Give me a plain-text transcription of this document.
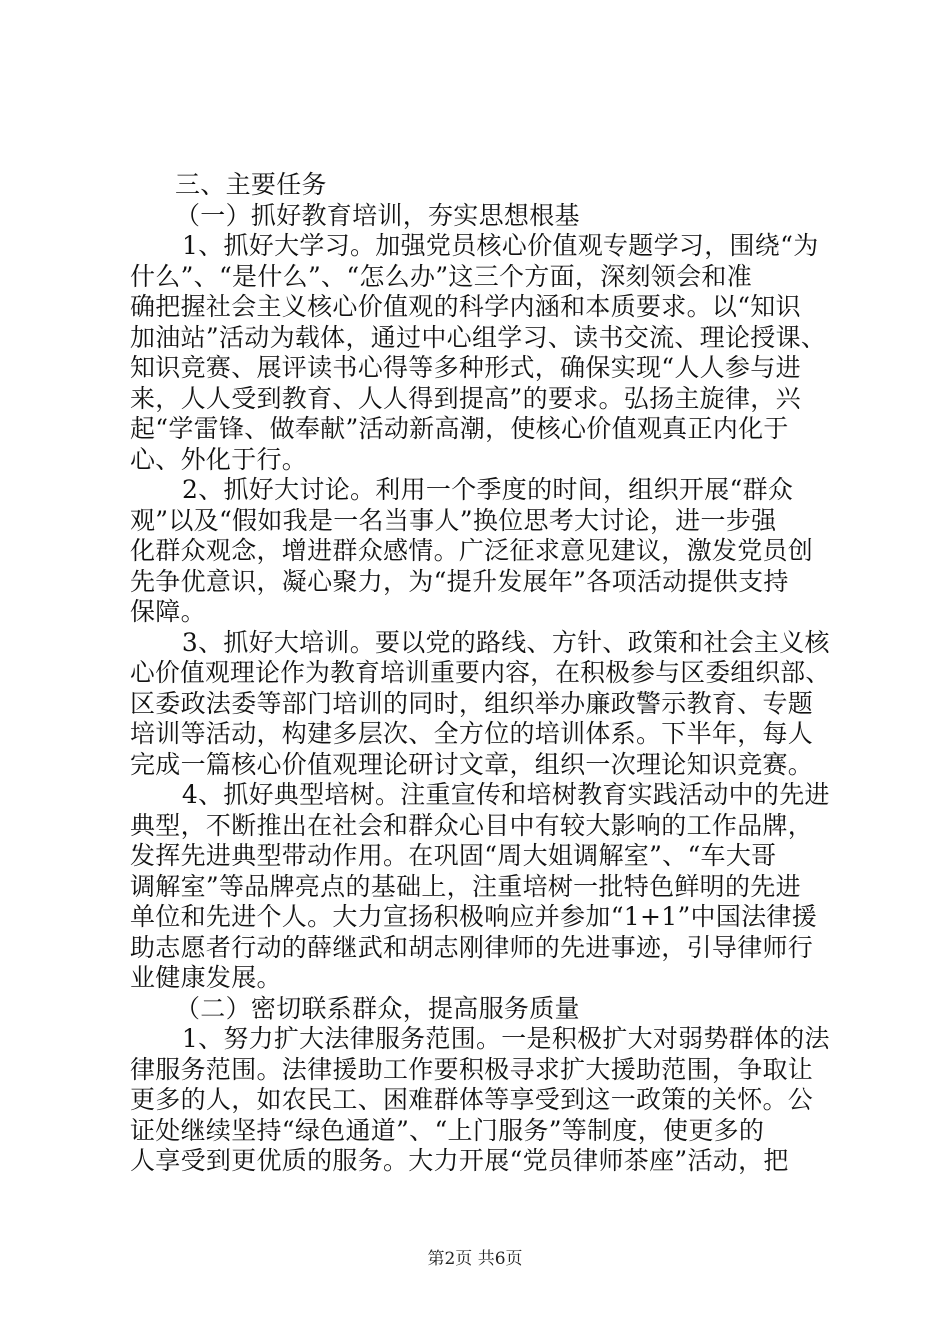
三、主要任务
（一）抓好教育培训，夯实思想根基
1、抓好大学习。加强党员核心价值观专题学习，围绕“为
什么”、“是什么”、“怎么办”这三个方面，深刻领会和准
确把握社会主义核心价值观的科学内涵和本质要求。以“知识
加油站”活动为载体，通过中心组学习、读书交流、理论授课、
知识竞赛、展评读书心得等多种形式，确保实现“人人参与进
来，人人受到教育、人人得到提高”的要求。弘扬主旋律，兴
起“学雷锋、做奉献”活动新高潮，使核心价值观真正内化于
心、外化于行。
2、抓好大讨论。利用一个季度的时间，组织开展“群众
观”以及“假如我是一名当事人”换位思考大讨论，进一步强
化群众观念，增进群众感情。广泛征求意见建议，激发党员创
先争优意识，凝心聚力，为“提升发展年”各项活动提供支持
保障。
3、抓好大培训。要以党的路线、方针、政策和社会主义核
心价值观理论作为教育培训重要内容，在积极参与区委组织部、
区委政法委等部门培训的同时，组织举办廉政警示教育、专题
培训等活动，构建多层次、全方位的培训体系。下半年，每人
完成一篇核心价值观理论研讨文章，组织一次理论知识竞赛。
4、抓好典型培树。注重宣传和培树教育实践活动中的先进
典型，不断推出在社会和群众心目中有较大影响的工作品牌，
发挥先进典型带动作用。在巩固“周大姐调解室”、“车大哥
调解室”等品牌亮点的基础上，注重培树一批特色鲜明的先进
单位和先进个人。大力宣扬积极响应并参加“1+1”中国法律援
助志愿者行动的薛继武和胡志刚律师的先进事迹，引导律师行
业健康发展。
（二）密切联系群众，提高服务质量
1、努力扩大法律服务范围。一是积极扩大对弱势群体的法
律服务范围。法律援助工作要积极寻求扩大援助范围，争取让
更多的人，如农民工、困难群体等享受到这一政策的关怀。公
证处继续坚持“绿色通道”、“上门服务”等制度，使更多的
人享受到更优质的服务。大力开展“党员律师茶座”活动，把
第2页 共6页
